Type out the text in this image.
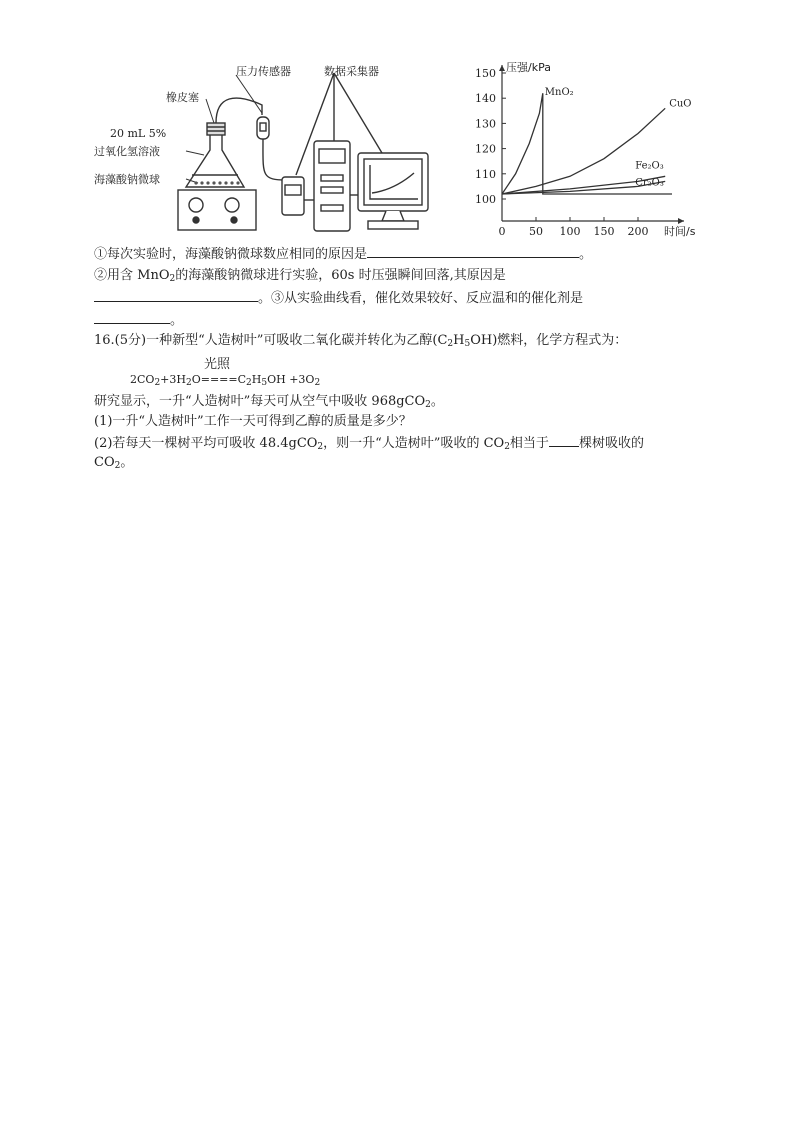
压力传感器	数据采集器
橡皮塞
20 mL 5%
过氧化氢溶液
海藻酸钠微球
100
110
120
130
140
150
0 50 100 150 200
压强/kPa
时间/s
MnO₂
CuO
Fe₂O₃
Cr₂O₃
①每次实验时，海藻酸钠微球数应相同的原因是	。
②用含 MnO$_2$的海藻酸钠微球进行实验，60s 时压强瞬间回落,其原因是
。③从实验曲线看，催化效果较好、反应温和的催化剂是
。
16.(5分)一种新型“人造树叶”可吸收二氧化碳并转化为乙醇$(C_2H_5OH)$燃料，化学方程式为：
光照
$2CO_2+3H_2O====C_2H_5OH +3O_2$
研究显示，一升“人造树叶”每天可从空气中吸收 968gCO$_2$。
(1)一升“人造树叶”工作一天可得到乙醇的质量是多少？
(2)若每天一棵树平均可吸收 48.4gCO$_2$，则一升“人造树叶”吸收的 $CO_2$相当于 棵树吸收的
$CO_2$。
